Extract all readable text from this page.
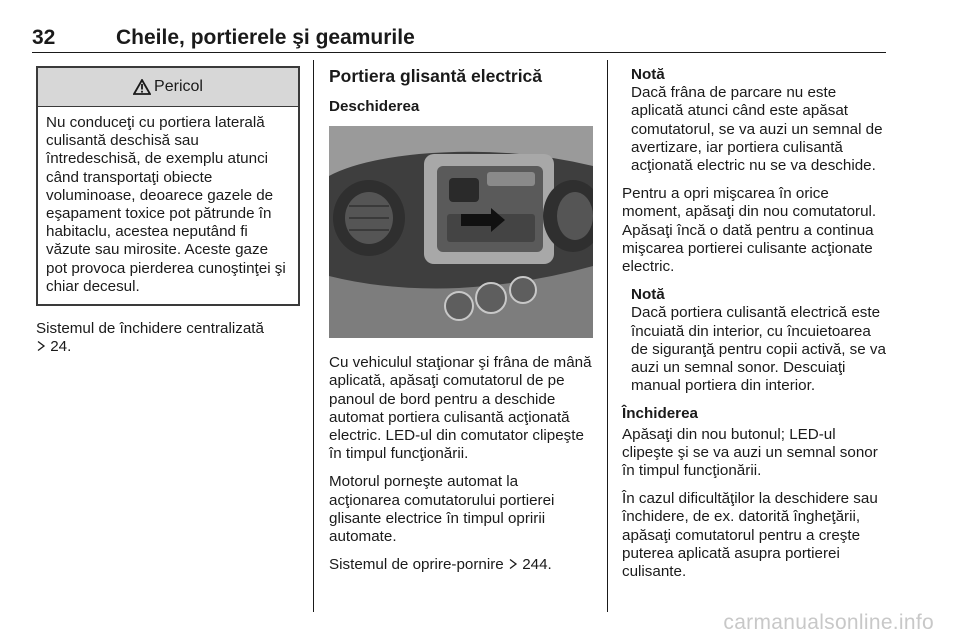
32	Cheile, portierele şi geamurile
Pericol
Nu conduceţi cu portiera laterală culisantă deschisă sau întredeschisă, de exemplu atunci când transportaţi obiecte voluminoase, deoarece gazele de eşapament toxice pot pătrunde în habitaclu, acestea neputând fi văzute sau mirosite. Aceste gaze pot provoca pierderea cunoştinţei şi chiar decesul.

Sistemul de închidere centralizată
24.

Portiera glisantă electrică
Deschiderea

Cu vehiculul staţionar şi frâna de mână aplicată, apăsaţi comutatorul de pe panoul de bord pentru a deschide automat portiera culisantă acţionată electric. LED-ul din comutator clipeşte în timpul funcţionării.

Motorul porneşte automat la acţionarea comutatorului portierei glisante electrice în timpul opririi automate.

Sistemul de oprire-pornire 244.

Notă
Dacă frâna de parcare nu este aplicată atunci când este apăsat comutatorul, se va auzi un semnal de avertizare, iar portiera culisantă acţionată electric nu se va deschide.

Pentru a opri mişcarea în orice moment, apăsaţi din nou comutatorul. Apăsaţi încă o dată pentru a continua mişcarea portierei culisante acţionate electric.

Notă
Dacă portiera culisantă electrică este încuiată din interior, cu încuietoarea de siguranţă pentru copii activă, se va auzi un semnal sonor. Descuiaţi manual portiera din interior.
Închiderea

Apăsaţi din nou butonul; LED-ul clipeşte şi se va auzi un semnal sonor în timpul funcţionării.

În cazul dificultăţilor la deschidere sau închidere, de ex. datorită îngheţării, apăsaţi comutatorul pentru a creşte puterea aplicată asupra portierei culisante.

carmanualsonline.info
